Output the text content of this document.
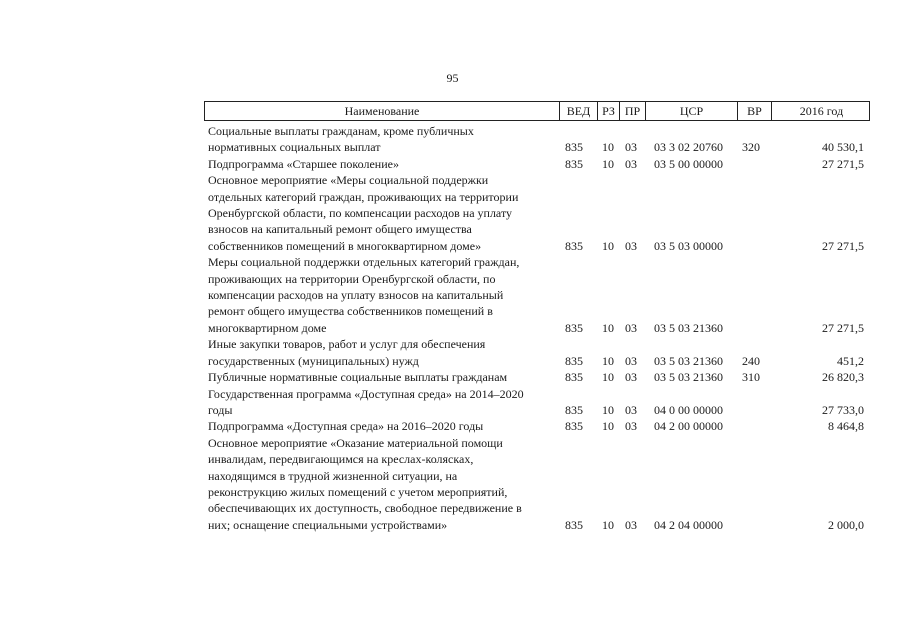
95
Наименование	ВЕД РЗ ПР	ЦСР	ВР	2016 год
Социальные выплаты гражданам, кроме публичных
нормативных социальных выплат	835 10 03 03 3 02 20760 320	40 530,1
Подпрограмма «Старшее поколение»	835 10 03 03 5 00 00000	27 271,5
Основное мероприятие «Меры социальной поддержки
отдельных категорий граждан, проживающих на территории
Оренбургской области, по компенсации расходов на уплату
взносов на капитальный ремонт общего имущества
собственников помещений в многоквартирном доме»	835 10 03 03 5 03 00000	27 271,5
Меры социальной поддержки отдельных категорий граждан,
проживающих на территории Оренбургской области, по
компенсации расходов на уплату взносов на капитальный
ремонт общего имущества собственников помещений в
многоквартирном доме	835 10 03 03 5 03 21360	27 271,5
Иные закупки товаров, работ и услуг для обеспечения
государственных (муниципальных) нужд	835 10 03 03 5 03 21360 240	451,2
Публичные нормативные социальные выплаты гражданам	835 10 03 03 5 03 21360 310	26 820,3
Государственная программа «Доступная среда» на 2014–2020
годы	835 10 03 04 0 00 00000	27 733,0
Подпрограмма «Доступная среда» на 2016–2020 годы	835 10 03 04 2 00 00000	8 464,8
Основное мероприятие «Оказание материальной помощи
инвалидам, передвигающимся на креслах-колясках,
находящимся в трудной жизненной ситуации, на
реконструкцию жилых помещений с учетом мероприятий,
обеспечивающих их доступность, свободное передвижение в
них; оснащение специальными устройствами»	835 10 03 04 2 04 00000	2 000,0
